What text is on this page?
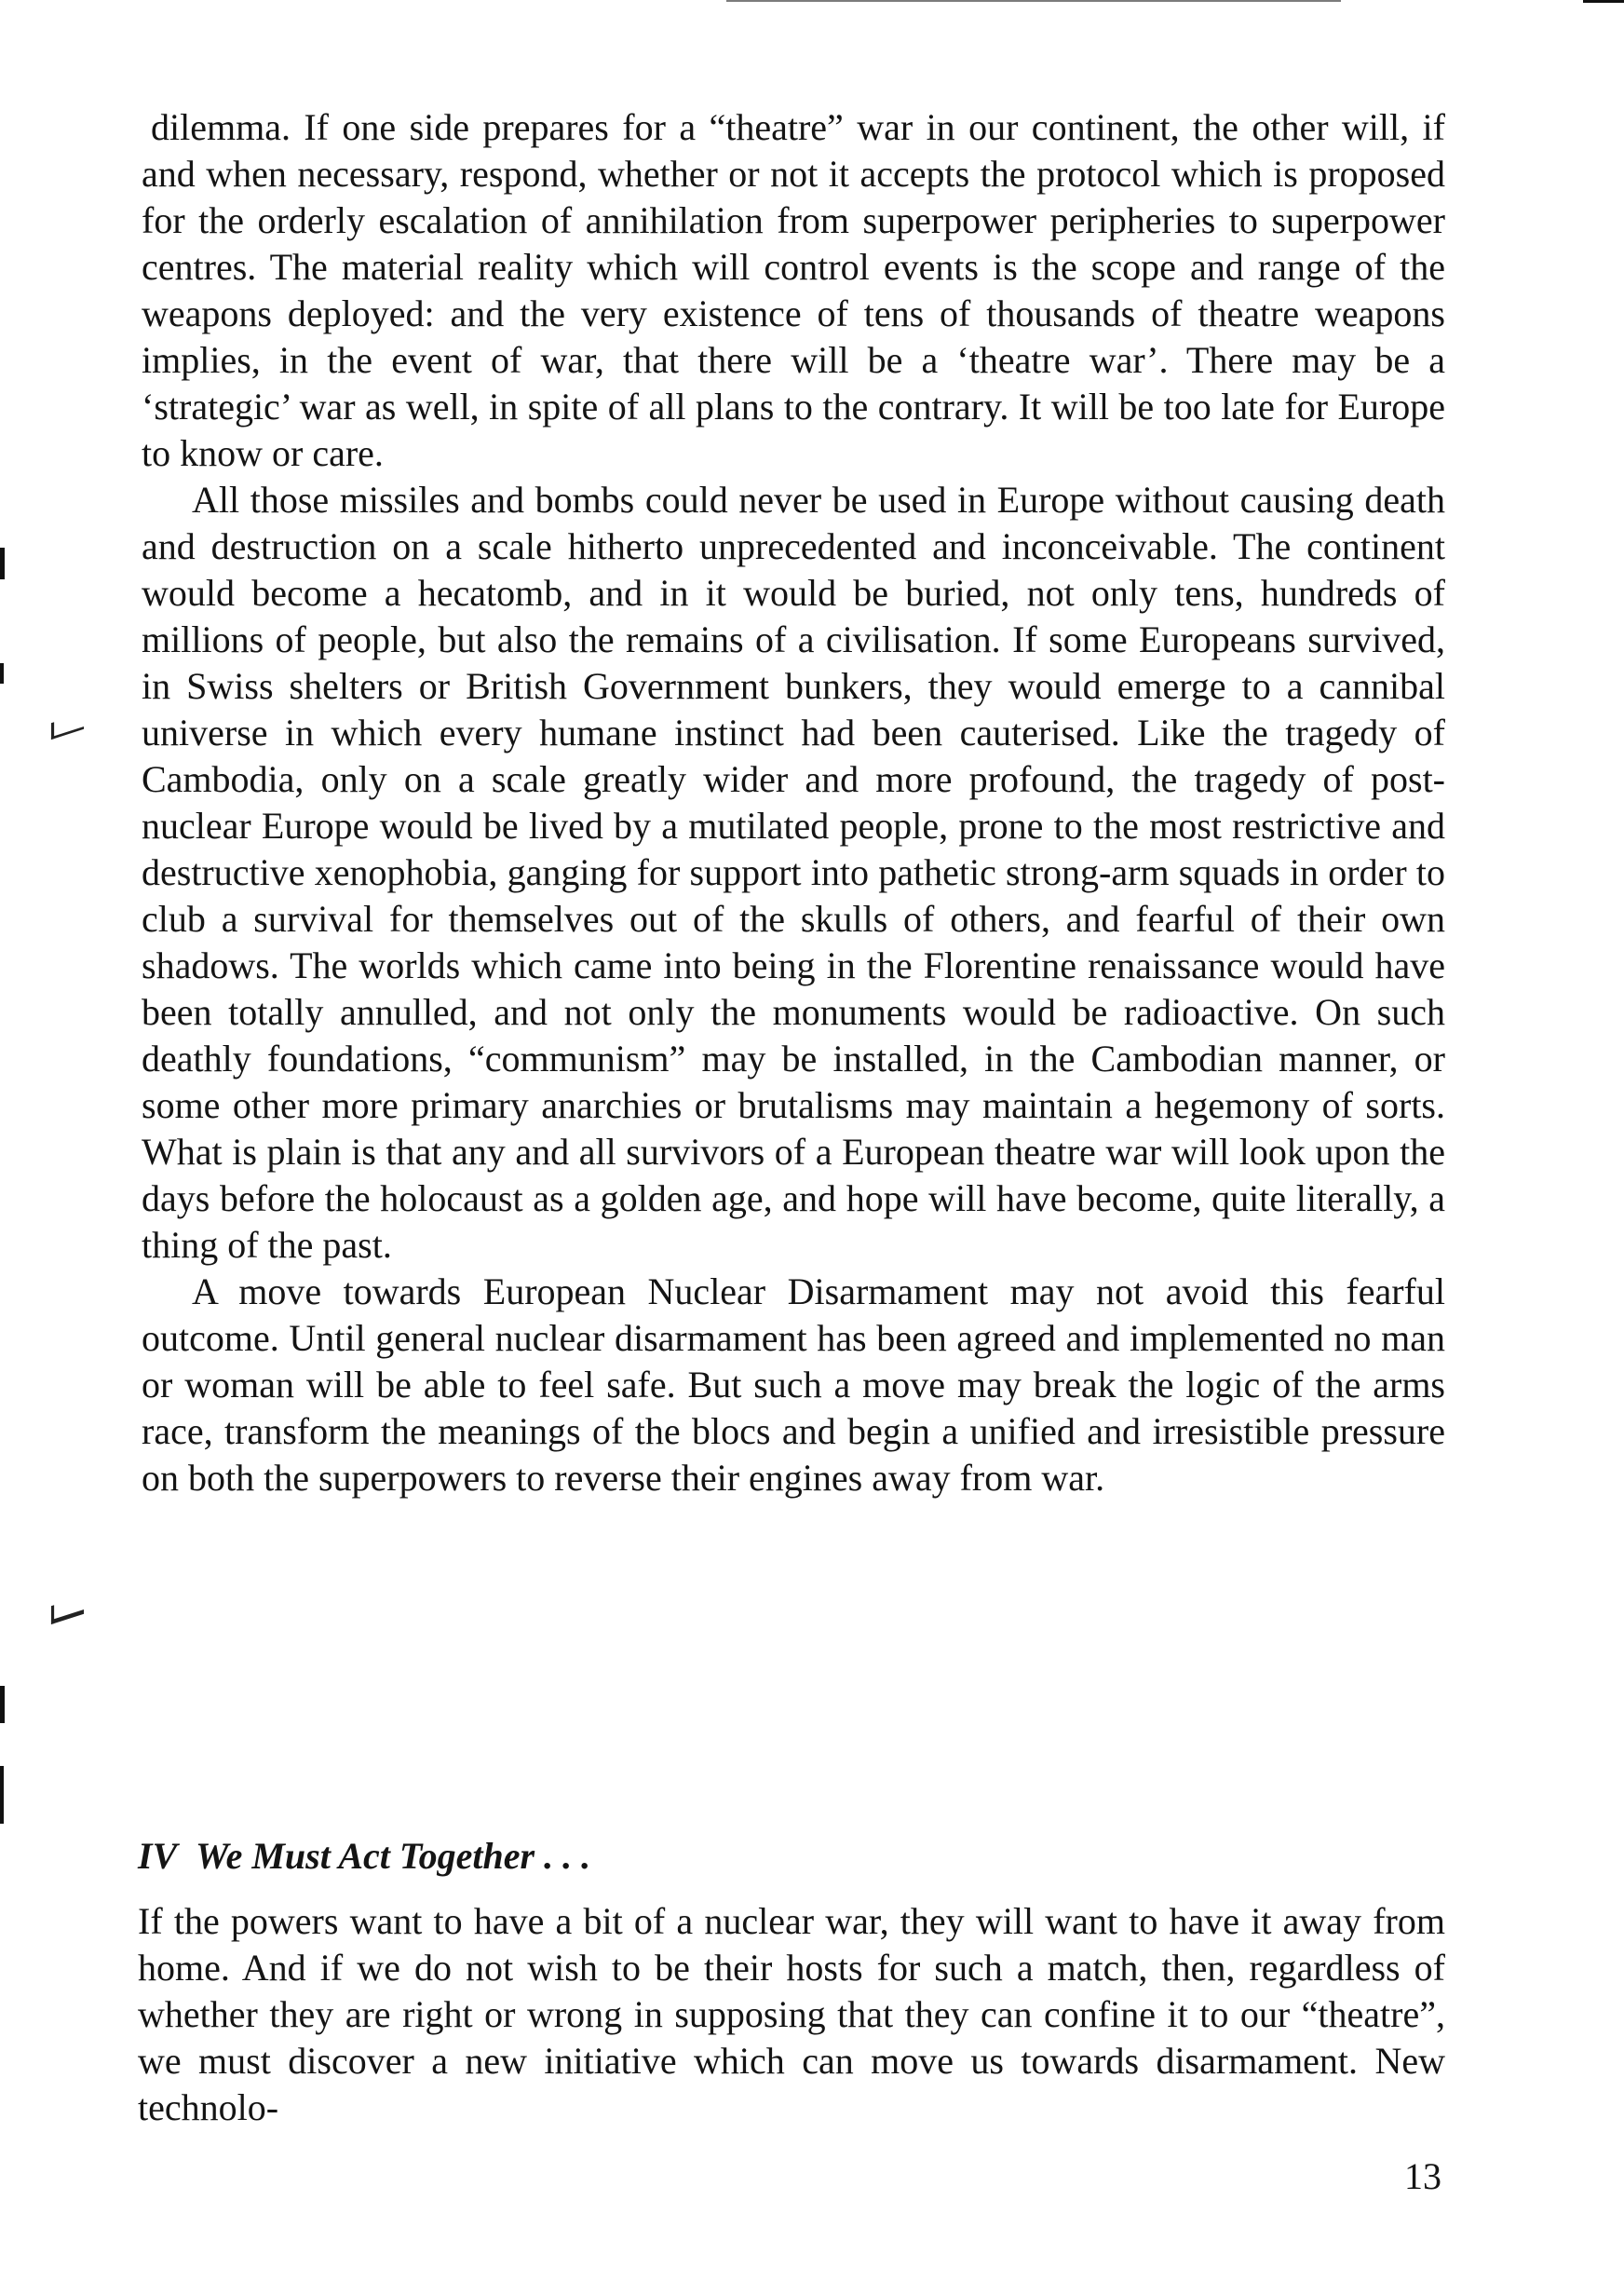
dilemma. If one side prepares for a “theatre” war in our continent, the other will, if and when necessary, respond, whether or not it accepts the protocol which is proposed for the orderly escalation of annihilation from superpower peripheries to superpower centres. The material reality which will control events is the scope and range of the weapons deployed: and the very existence of tens of thousands of theatre weapons implies, in the event of war, that there will be a ‘theatre war’. There may be a ‘strategic’ war as well, in spite of all plans to the contrary. It will be too late for Europe to know or care.

All those missiles and bombs could never be used in Europe without causing death and destruction on a scale hitherto unprecedented and inconceivable. The continent would become a hecatomb, and in it would be buried, not only tens, hundreds of millions of people, but also the remains of a civilisation. If some Europeans survived, in Swiss shelters or British Government bunkers, they would emerge to a cannibal universe in which every humane instinct had been cauterised. Like the tragedy of Cambodia, only on a scale greatly wider and more profound, the tragedy of post-nuclear Europe would be lived by a mutilated people, prone to the most restrictive and destructive xenophobia, ganging for support into pathetic strong-arm squads in order to club a survival for themselves out of the skulls of others, and fearful of their own shadows. The worlds which came into being in the Florentine renaissance would have been totally annulled, and not only the monuments would be radioactive. On such deathly foundations, “communism” may be installed, in the Cambodian manner, or some other more primary anarchies or brutalisms may maintain a hegemony of sorts. What is plain is that any and all survivors of a European theatre war will look upon the days before the holocaust as a golden age, and hope will have become, quite literally, a thing of the past.

A move towards European Nuclear Disarmament may not avoid this fearful outcome. Until general nuclear disarmament has been agreed and implemented no man or woman will be able to feel safe. But such a move may break the logic of the arms race, transform the meanings of the blocs and begin a unified and irresistible pressure on both the superpowers to reverse their engines away from war.

IV We Must Act Together . . .

If the powers want to have a bit of a nuclear war, they will want to have it away from home. And if we do not wish to be their hosts for such a match, then, regardless of whether they are right or wrong in supposing that they can confine it to our “theatre”, we must discover a new initiative which can move us towards disarmament. New technolo-

13
